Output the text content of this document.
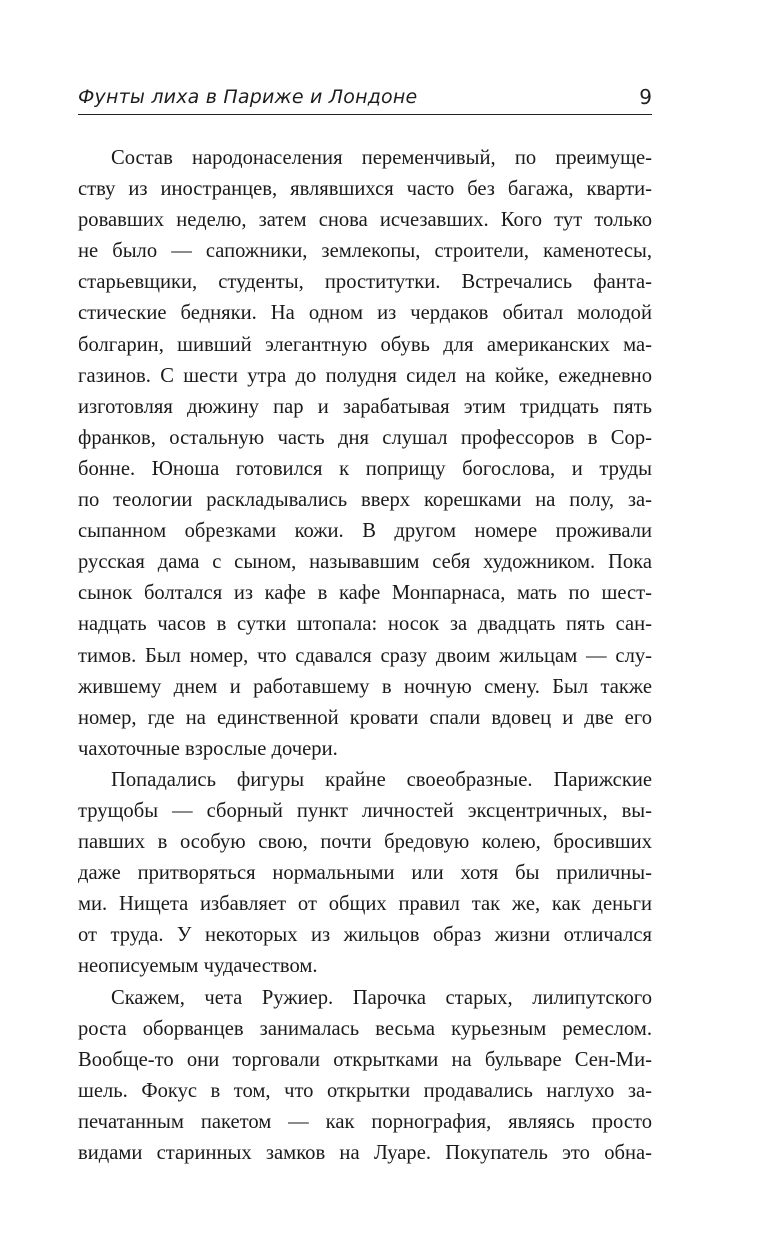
Фунты лиха в Париже и Лондоне	9
Состав народонаселения переменчивый, по преимуще-
ству из иностранцев, являвшихся часто без багажа, кварти-
ровавших неделю, затем снова исчезавших. Кого тут только
не было — сапожники, землекопы, строители, каменотесы,
старьевщики, студенты, проститутки. Встречались фанта-
стические бедняки. На одном из чердаков обитал молодой
болгарин, шивший элегантную обувь для американских ма-
газинов. С шести утра до полудня сидел на койке, ежедневно
изготовляя дюжину пар и зарабатывая этим тридцать пять
франков, остальную часть дня слушал профессоров в Сор-
бонне. Юноша готовился к поприщу богослова, и труды
по теологии раскладывались вверх корешками на полу, за-
сыпанном обрезками кожи. В другом номере проживали
русская дама с сыном, называвшим себя художником. Пока
сынок болтался из кафе в кафе Монпарнаса, мать по шест-
надцать часов в сутки штопала: носок за двадцать пять сан-
тимов. Был номер, что сдавался сразу двоим жильцам — слу-
жившему днем и работавшему в ночную смену. Был также
номер, где на единственной кровати спали вдовец и две его
чахоточные взрослые дочери.
Попадались фигуры крайне своеобразные. Парижские
трущобы — сборный пункт личностей эксцентричных, вы-
павших в особую свою, почти бредовую колею, бросивших
даже притворяться нормальными или хотя бы приличны-
ми. Нищета избавляет от общих правил так же, как деньги
от труда. У некоторых из жильцов образ жизни отличался
неописуемым чудачеством.
Скажем, чета Ружиер. Парочка старых, лилипутского
роста оборванцев занималась весьма курьезным ремеслом.
Вообще-то они торговали открытками на бульваре Сен-Ми-
шель. Фокус в том, что открытки продавались наглухо за-
печатанным пакетом — как порнография, являясь просто
видами старинных замков на Луаре. Покупатель это обна-
